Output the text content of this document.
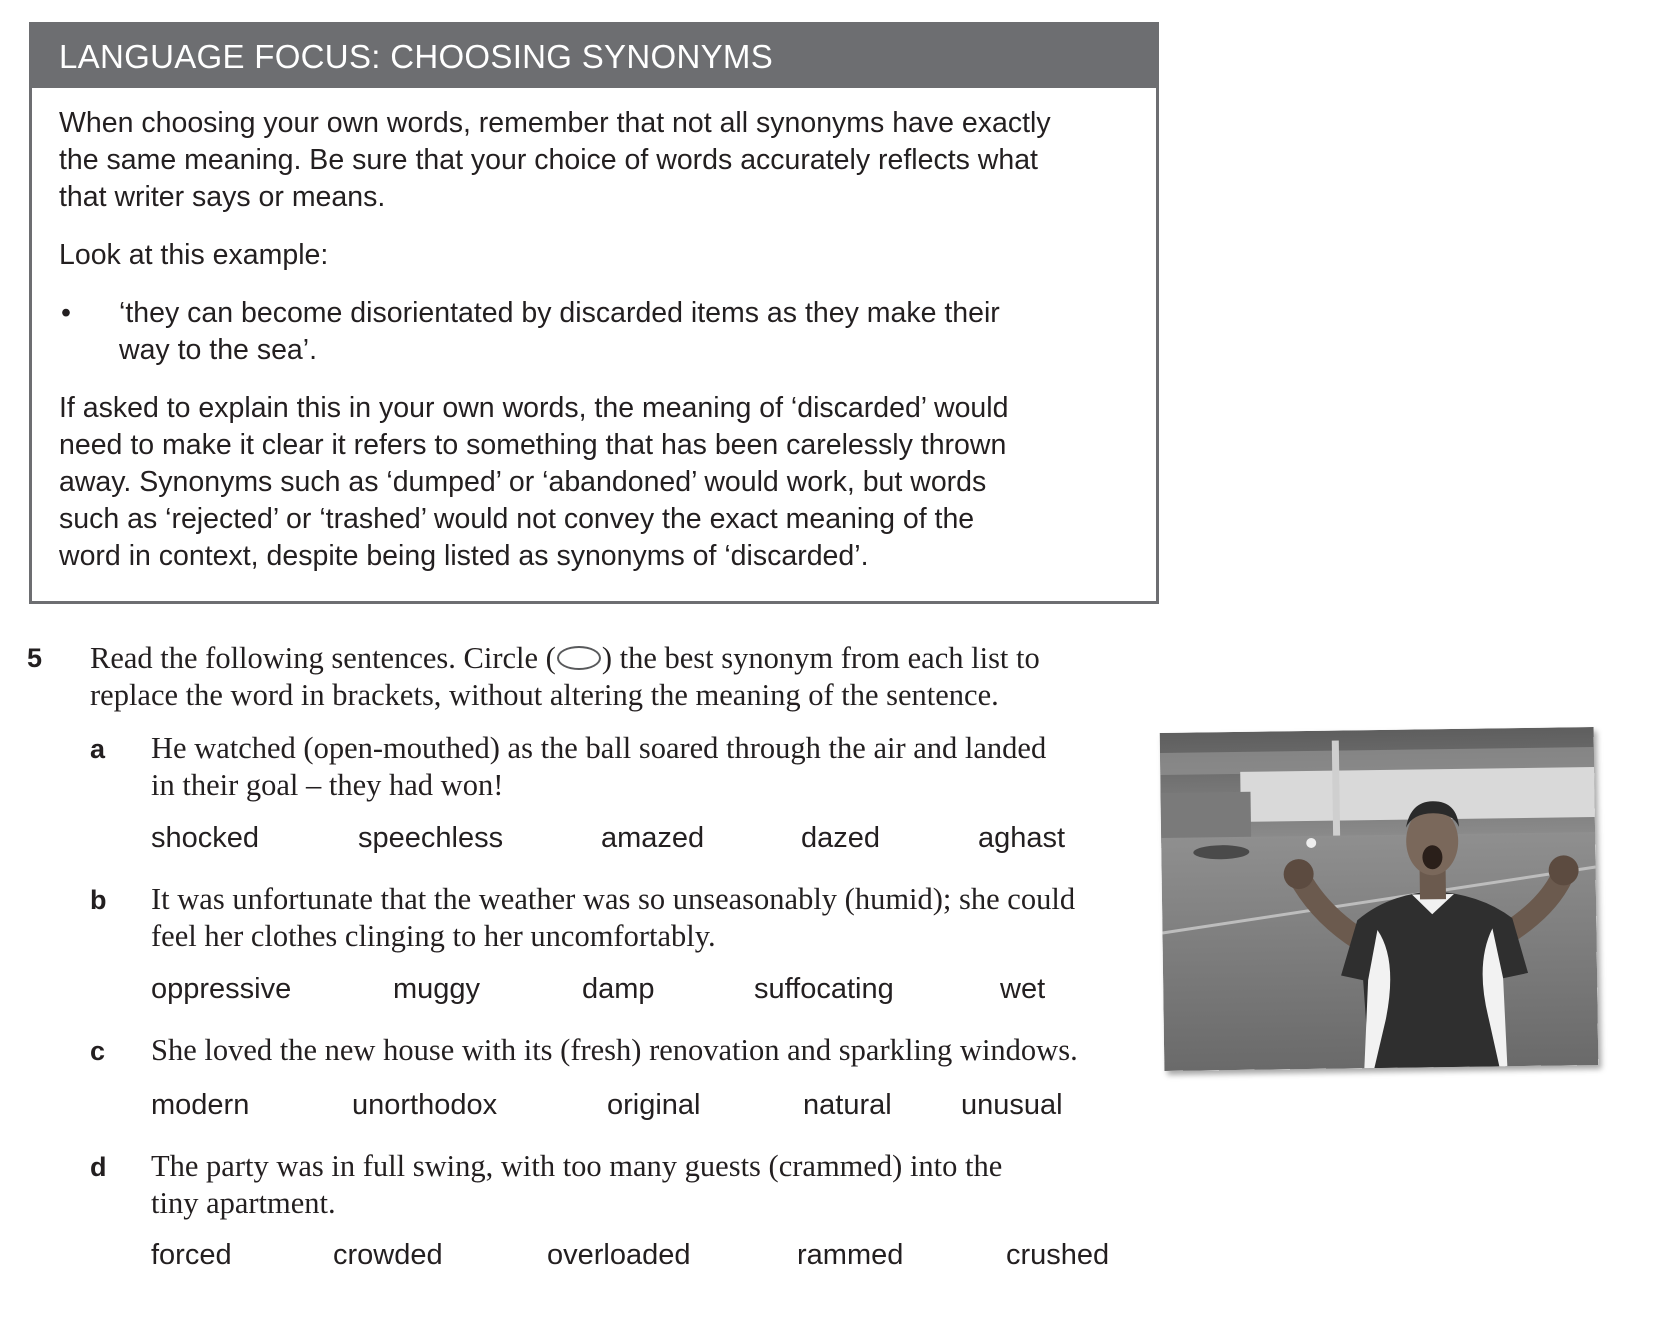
LANGUAGE FOCUS: CHOOSING SYNONYMS

When choosing your own words, remember that not all synonyms have exactly
the same meaning. Be sure that your choice of words accurately reflects what
that writer says or means.

Look at this example:

• ‘they can become disorientated by discarded items as they make their
way to the sea’.

If asked to explain this in your own words, the meaning of ‘discarded’ would
need to make it clear it refers to something that has been carelessly thrown
away. Synonyms such as ‘dumped’ or ‘abandoned’ would work, but words
such as ‘rejected’ or ‘trashed’ would not convey the exact meaning of the
word in context, despite being listed as synonyms of ‘discarded’.

5 Read the following sentences. Circle ( ) the best synonym from each list to
replace the word in brackets, without altering the meaning of the sentence.
a He watched (open-mouthed) as the ball soared through the air and landed
in their goal – they had won!
shocked	speechless	amazed	dazed	aghast
b It was unfortunate that the weather was so unseasonably (humid); she could
feel her clothes clinging to her uncomfortably.
oppressive	muggy	damp	suffocating	wet
c She loved the new house with its (fresh) renovation and sparkling windows.
modern	unorthodox	original	natural unusual
d The party was in full swing, with too many guests (crammed) into the
tiny apartment.
forced	crowded	overloaded	rammed	crushed
